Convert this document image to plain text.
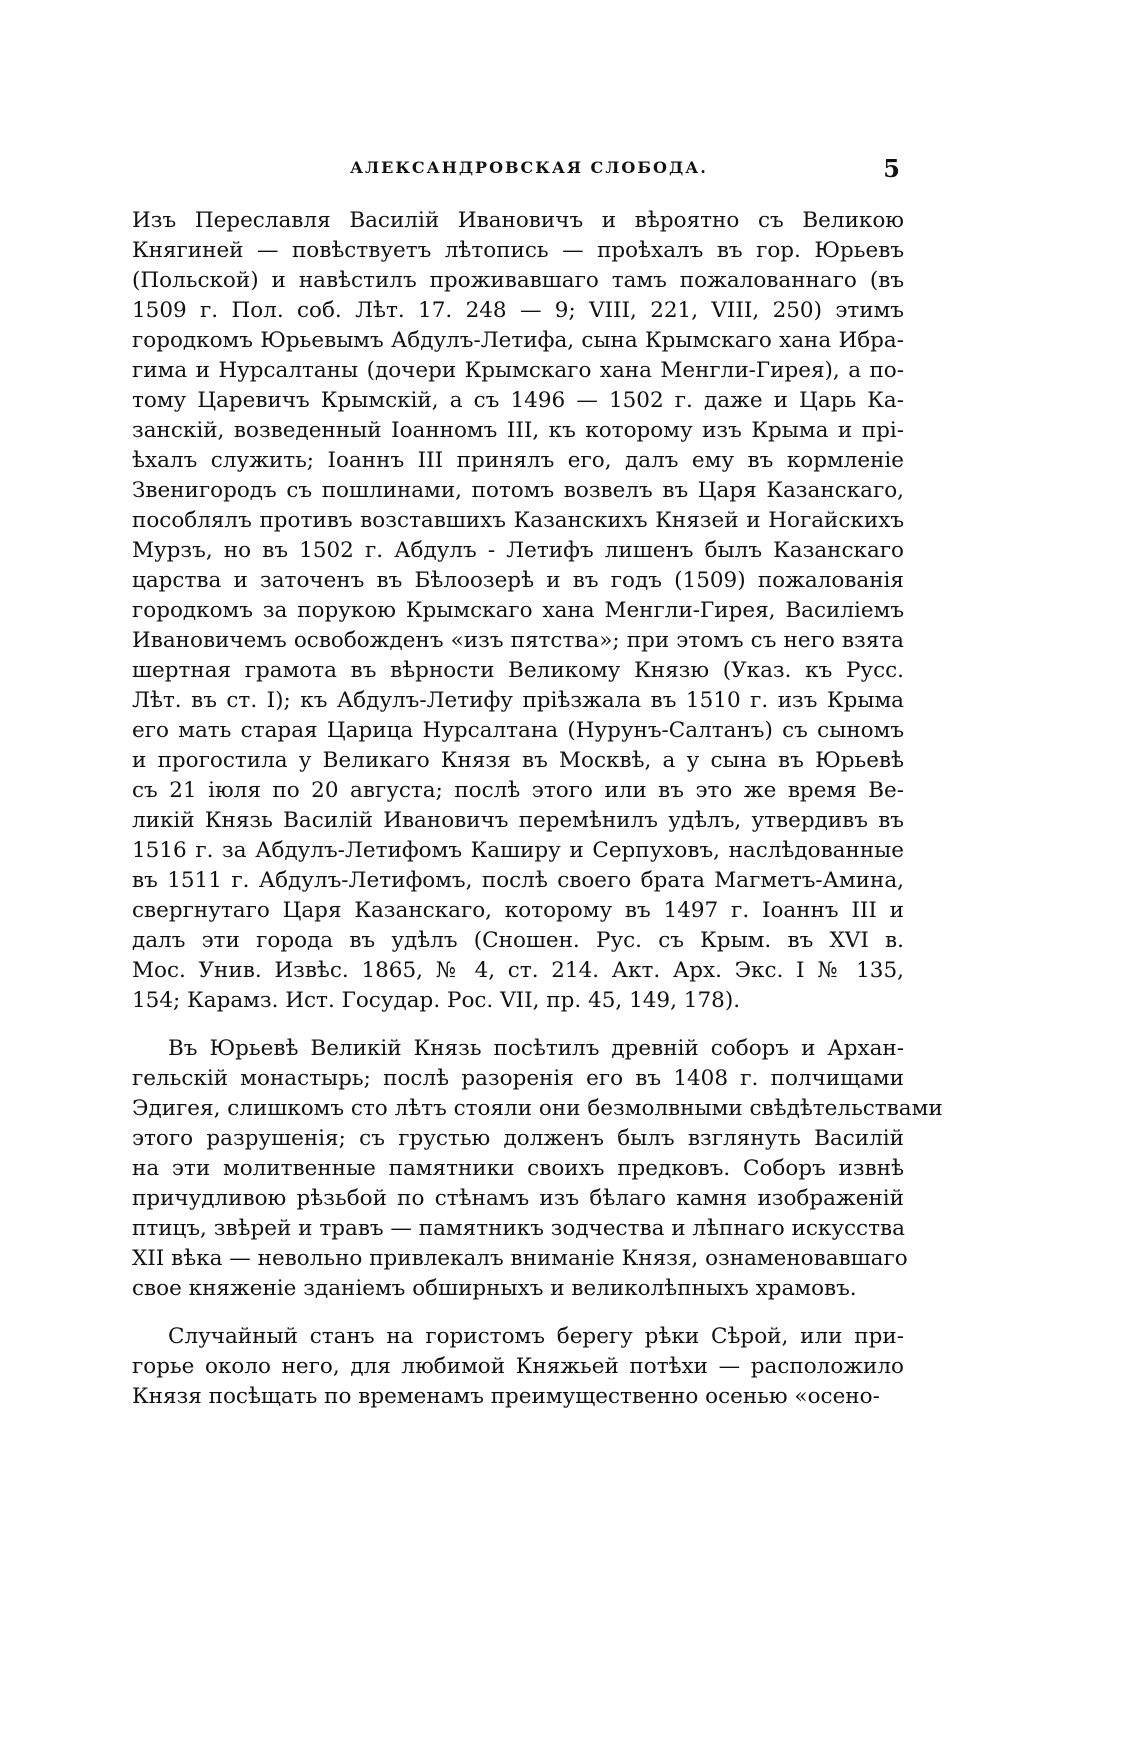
АЛЕКСАНДРОВСКАЯ СЛОБОДА.	5
Изъ Переславля Василій Ивановичъ и вѣроятно съ Великою
Княгиней — повѣствуетъ лѣтопись — проѣхалъ въ гор. Юрьевъ
(Польской) и навѣстилъ проживавшаго тамъ пожалованнаго (въ
1509 г. Пол. соб. Лѣт. 17. 248 — 9; VIII, 221, VIII, 250) этимъ
городкомъ Юрьевымъ Абдулъ-Летифа, сына Крымскаго хана Ибра-
гима и Нурсалтаны (дочери Крымскаго хана Менгли-Гирея), а по-
тому Царевичъ Крымскій, а съ 1496 — 1502 г. даже и Царь Ка-
занскій, возведенный Іоанномъ III, къ которому изъ Крыма и прі-
ѣхалъ служить; Іоаннъ III принялъ его, далъ ему въ кормленіе
Звенигородъ съ пошлинами, потомъ возвелъ въ Царя Казанскаго,
пособлялъ противъ возставшихъ Казанскихъ Князей и Ногайскихъ
Мурзъ, но въ 1502 г. Абдулъ - Летифъ лишенъ былъ Казанскаго
царства и заточенъ въ Бѣлоозерѣ и въ годъ (1509) пожалованія
городкомъ за порукою Крымскаго хана Менгли-Гирея, Василіемъ
Ивановичемъ освобожденъ «изъ пятства»; при этомъ съ него взята
шертная грамота въ вѣрности Великому Князю (Указ. къ Русс.
Лѣт. въ ст. I); къ Абдулъ-Летифу пріѣзжала въ 1510 г. изъ Крыма
его мать старая Царица Нурсалтана (Нурунъ-Салтанъ) съ сыномъ
и прогостила у Великаго Князя въ Москвѣ, а у сына въ Юрьевѣ
съ 21 іюля по 20 августа; послѣ этого или въ это же время Ве-
ликій Князь Василій Ивановичъ перемѣнилъ удѣлъ, утвердивъ въ
1516 г. за Абдулъ-Летифомъ Каширу и Серпуховъ, наслѣдованные
въ 1511 г. Абдулъ-Летифомъ, послѣ своего брата Магметъ-Амина,
свергнутаго Царя Казанскаго, которому въ 1497 г. Іоаннъ III и
далъ эти города въ удѣлъ (Сношен. Рус. съ Крым. въ XVI в.
Мос. Унив. Извѣс. 1865, № 4, ст. 214. Акт. Арх. Экс. I № 135,
154; Карамз. Ист. Государ. Рос. VII, пр. 45, 149, 178).
Въ Юрьевѣ Великій Князь посѣтилъ древній соборъ и Архан-
гельскій монастырь; послѣ разоренія его въ 1408 г. полчищами
Эдигея, слишкомъ сто лѣтъ стояли они безмолвными свѣдѣтельствами
этого разрушенія; съ грустью долженъ былъ взглянуть Василій
на эти молитвенные памятники своихъ предковъ. Соборъ извнѣ
причудливою рѣзьбой по стѣнамъ изъ бѣлаго камня изображеній
птицъ, звѣрей и травъ — памятникъ зодчества и лѣпнаго искусства
XII вѣка — невольно привлекалъ вниманіе Князя, ознаменовавшаго
свое княженіе зданіемъ обширныхъ и великолѣпныхъ храмовъ.
Случайный станъ на гористомъ берегу рѣки Сѣрой, или при-
горье около него, для любимой Княжьей потѣхи — расположило
Князя посѣщать по временамъ преимущественно осенью «осено-
